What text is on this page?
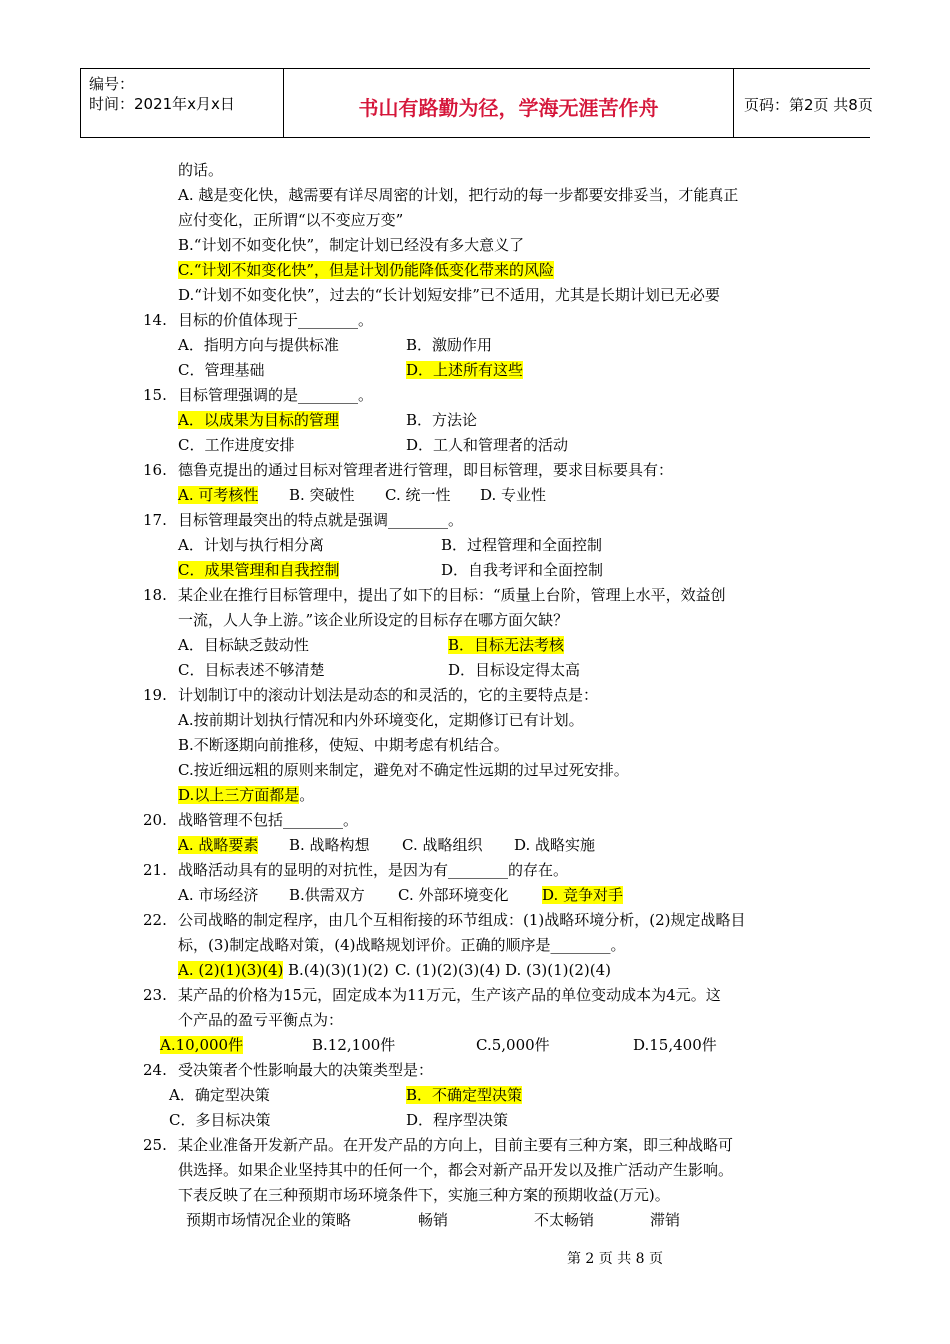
编号：
时间：2021年x月x日	书山有路勤为径，学海无涯苦作舟	页码：第2页 共8页
的话。
A. 越是变化快，越需要有详尽周密的计划，把行动的每一步都要安排妥当，才能真正
应付变化，正所谓“以不变应万变”
B.“计划不如变化快”，制定计划已经没有多大意义了
C.“计划不如变化快”，但是计划仍能降低变化带来的风险
D.“计划不如变化快”，过去的“长计划短安排”已不适用，尤其是长期计划已无必要
14. 目标的价值体现于________。
A．指明方向与提供标准	B．激励作用
C．管理基础	D．上述所有这些
15. 目标管理强调的是________。
A．以成果为目标的管理	B．方法论
C．工作进度安排	D．工人和管理者的活动
16. 德鲁克提出的通过目标对管理者进行管理，即目标管理，要求目标要具有：
A. 可考核性 B. 突破性 C. 统一性 D. 专业性
17. 目标管理最突出的特点就是强调________。
A．计划与执行相分离	B．过程管理和全面控制
C．成果管理和自我控制	D．自我考评和全面控制
18. 某企业在推行目标管理中，提出了如下的目标：“质量上台阶，管理上水平，效益创
一流，人人争上游。”该企业所设定的目标存在哪方面欠缺？
A．目标缺乏鼓动性	B．目标无法考核
C．目标表述不够清楚	D．目标设定得太高
19. 计划制订中的滚动计划法是动态的和灵活的，它的主要特点是：
A.按前期计划执行情况和内外环境变化，定期修订已有计划。
B.不断逐期向前推移，使短、中期考虑有机结合。
C.按近细远粗的原则来制定，避免对不确定性远期的过早过死安排。
D.以上三方面都是。
20. 战略管理不包括________。
A. 战略要素 B. 战略构想 C. 战略组织 D. 战略实施
21. 战略活动具有的显明的对抗性，是因为有________的存在。
A. 市场经济 B.供需双方 C. 外部环境变化 D. 竞争对手
22. 公司战略的制定程序，由几个互相衔接的环节组成：(1)战略环境分析，(2)规定战略目
标，(3)制定战略对策，(4)战略规划评价。正确的顺序是________。
A. (2)(1)(3)(4) B.(4)(3)(1)(2) C. (1)(2)(3)(4) D. (3)(1)(2)(4)
23. 某产品的价格为15元，固定成本为11万元，生产该产品的单位变动成本为4元。这
个产品的盈亏平衡点为：
A.10,000件	B.12,100件	C.5,000件	D.15,400件
24. 受决策者个性影响最大的决策类型是：
A．确定型决策	B．不确定型决策
C．多目标决策	D．程序型决策
25. 某企业准备开发新产品。在开发产品的方向上，目前主要有三种方案，即三种战略可
供选择。如果企业坚持其中的任何一个，都会对新产品开发以及推广活动产生影响。
下表反映了在三种预期市场环境条件下，实施三种方案的预期收益(万元)。
预期市场情况企业的策略	畅销	不太畅销	滞销
第 2 页 共 8 页
